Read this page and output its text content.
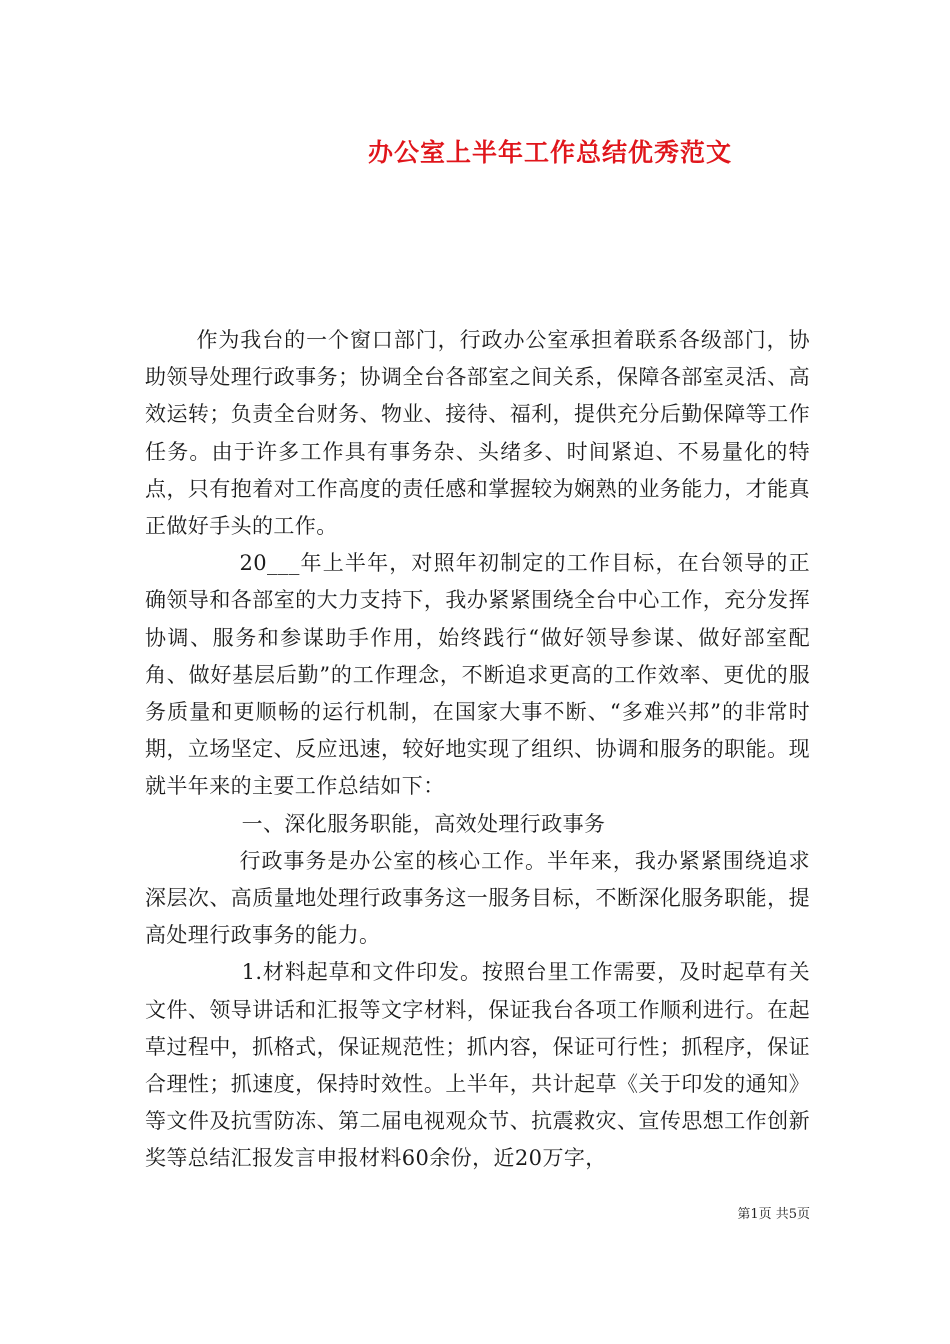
办公室上半年工作总结优秀范文

作为我台的一个窗口部门，行政办公室承担着联系各级部门，协助领导处理行政事务；协调全台各部室之间关系，保障各部室灵活、高效运转；负责全台财务、物业、接待、福利，提供充分后勤保障等工作任务。由于许多工作具有事务杂、头绪多、时间紧迫、不易量化的特点，只有抱着对工作高度的责任感和掌握较为娴熟的业务能力，才能真正做好手头的工作。

20___年上半年，对照年初制定的工作目标，在台领导的正确领导和各部室的大力支持下，我办紧紧围绕全台中心工作，充分发挥协调、服务和参谋助手作用，始终践行“做好领导参谋、做好部室配角、做好基层后勤”的工作理念，不断追求更高的工作效率、更优的服务质量和更顺畅的运行机制，在国家大事不断、“多难兴邦”的非常时期，立场坚定、反应迅速，较好地实现了组织、协调和服务的职能。现就半年来的主要工作总结如下：

一、深化服务职能，高效处理行政事务

行政事务是办公室的核心工作。半年来，我办紧紧围绕追求深层次、高质量地处理行政事务这一服务目标，不断深化服务职能，提高处理行政事务的能力。

1.材料起草和文件印发。按照台里工作需要，及时起草有关文件、领导讲话和汇报等文字材料，保证我台各项工作顺利进行。在起草过程中，抓格式，保证规范性；抓内容，保证可行性；抓程序，保证合理性；抓速度，保持时效性。上半年，共计起草《关于印发的通知》等文件及抗雪防冻、第二届电视观众节、抗震救灾、宣传思想工作创新奖等总结汇报发言申报材料60余份，近20万字，

第1页 共5页
